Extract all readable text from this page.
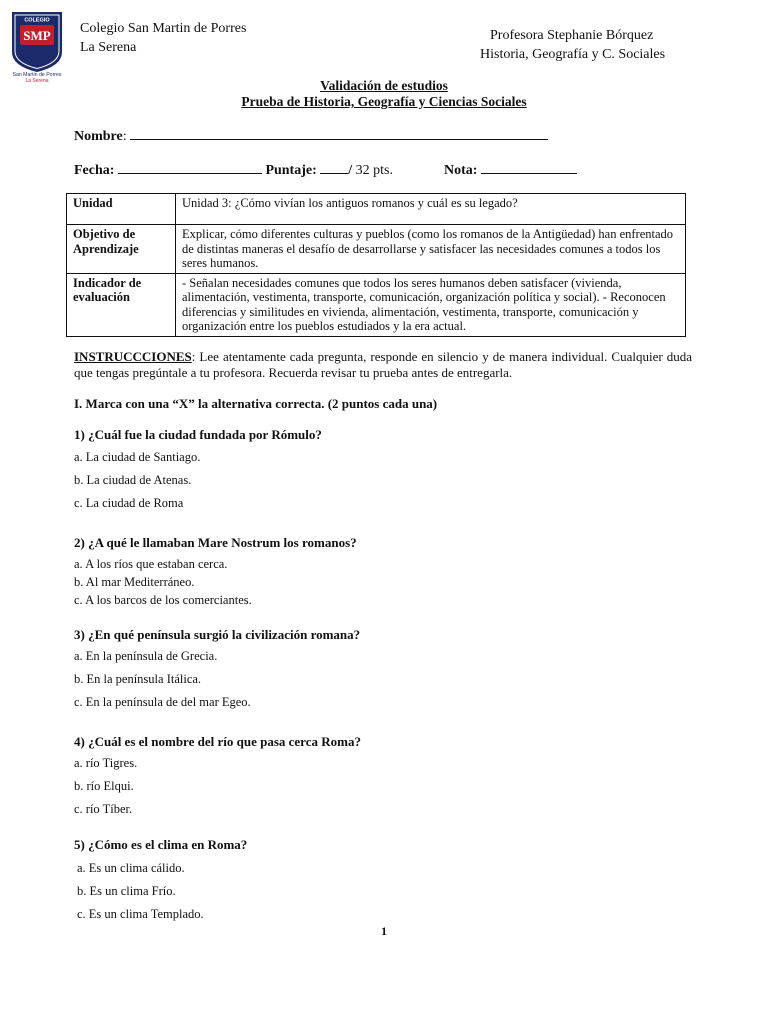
COLEGIO
SMP
San Martin de Porres
La Serena
Colegio San Martin de Porres
La Serena
Profesora Stephanie Bórquez
Historia, Geografía y C. Sociales
Validación de estudios
Prueba de Historia, Geografía y Ciencias Sociales
Nombre:
Fecha:	Puntaje: / 32 pts.	Nota:
Unidad	Unidad 3: ¿Cómo vivían los antiguos romanos y cuál es su legado?
Objetivo de Aprendizaje	Explicar, cómo diferentes culturas y pueblos (como los romanos de la Antigüedad) han enfrentado de distintas maneras el desafío de desarrollarse y satisfacer las necesidades comunes a todos los seres humanos.
Indicador de evaluación	- Señalan necesidades comunes que todos los seres humanos deben satisfacer (vivienda, alimentación, vestimenta, transporte, comunicación, organización política y social). - Reconocen diferencias y similitudes en vivienda, alimentación, vestimenta, transporte, comunicación y organización entre los pueblos estudiados y la era actual.
INSTRUCCCIONES: Lee atentamente cada pregunta, responde en silencio y de manera individual. Cualquier duda que tengas pregúntale a tu profesora. Recuerda revisar tu prueba antes de entregarla.
I. Marca con una “X” la alternativa correcta. (2 puntos cada una)
1) ¿Cuál fue la ciudad fundada por Rómulo?
a. La ciudad de Santiago.
b. La ciudad de Atenas.
c. La ciudad de Roma
2) ¿A qué le llamaban Mare Nostrum los romanos?
a. A los ríos que estaban cerca.
b. Al mar Mediterráneo.
c. A los barcos de los comerciantes.
3) ¿En qué península surgió la civilización romana?
a. En la península de Grecia.
b. En la península Itálica.
c. En la península de del mar Egeo.
4) ¿Cuál es el nombre del río que pasa cerca Roma?
a. río Tigres.
b. río Elqui.
c. río Tíber.
5) ¿Cómo es el clima en Roma?
a. Es un clima cálido.
b. Es un clima Frío.
c. Es un clima Templado.
1
